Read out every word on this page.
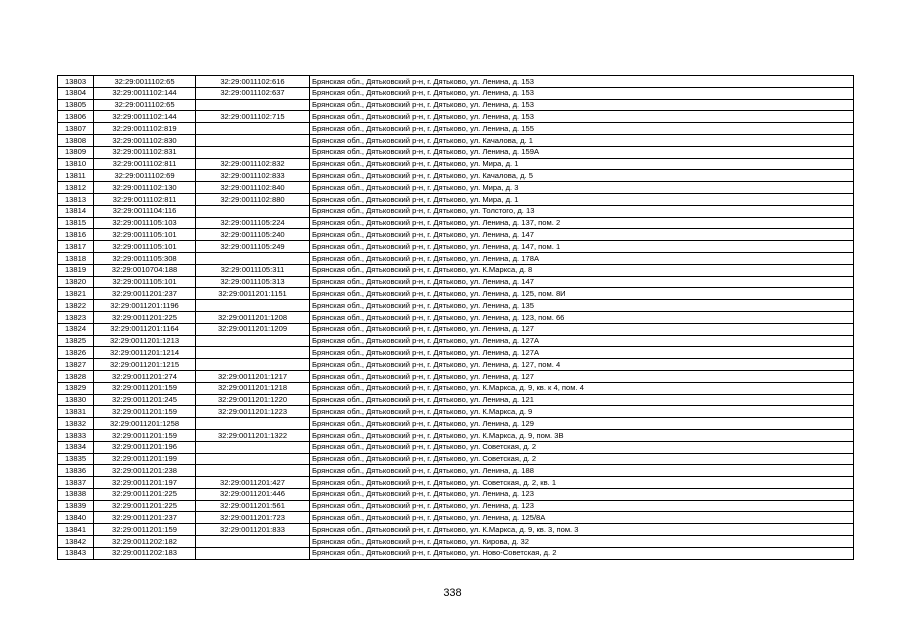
13803	32:29:0011102:65	32:29:0011102:616	Брянская обл., Дятьковский р-н, г. Дятьково, ул. Ленина, д. 153
13804	32:29:0011102:144	32:29:0011102:637	Брянская обл., Дятьковский р-н, г. Дятьково, ул. Ленина, д. 153
13805	32:29:0011102:65		Брянская обл., Дятьковский р-н, г. Дятьково, ул. Ленина, д. 153
13806	32:29:0011102:144	32:29:0011102:715	Брянская обл., Дятьковский р-н, г. Дятьково, ул. Ленина, д. 153
13807	32:29:0011102:819		Брянская обл., Дятьковский р-н, г. Дятьково, ул. Ленина, д. 155
13808	32:29:0011102:830		Брянская обл., Дятьковский р-н, г. Дятьково, ул. Качалова, д. 1
13809	32:29:0011102:831		Брянская обл., Дятьковский р-н, г. Дятьково, ул. Ленина, д. 159А
13810	32:29:0011102:811	32:29:0011102:832	Брянская обл., Дятьковский р-н, г. Дятьково, ул. Мира, д. 1
13811	32:29:0011102:69	32:29:0011102:833	Брянская обл., Дятьковский р-н, г. Дятьково, ул. Качалова, д. 5
13812	32:29:0011102:130	32:29:0011102:840	Брянская обл., Дятьковский р-н, г. Дятьково, ул. Мира, д. 3
13813	32:29:0011102:811	32:29:0011102:880	Брянская обл., Дятьковский р-н, г. Дятьково, ул. Мира, д. 1
13814	32:29:0011104:116		Брянская обл., Дятьковский р-н, г. Дятьково, ул. Толстого, д. 13
13815	32:29:0011105:103	32:29:0011105:224	Брянская обл., Дятьковский р-н, г. Дятьково, ул. Ленина, д. 137, пом. 2
13816	32:29:0011105:101	32:29:0011105:240	Брянская обл., Дятьковский р-н, г. Дятьково, ул. Ленина, д. 147
13817	32:29:0011105:101	32:29:0011105:249	Брянская обл., Дятьковский р-н, г. Дятьково, ул. Ленина, д. 147, пом. 1
13818	32:29:0011105:308		Брянская обл., Дятьковский р-н, г. Дятьково, ул. Ленина, д. 178А
13819	32:29:0010704:188	32:29:0011105:311	Брянская обл., Дятьковский р-н, г. Дятьково, ул. К.Маркса, д. 8
13820	32:29:0011105:101	32:29:0011105:313	Брянская обл., Дятьковский р-н, г. Дятьково, ул. Ленина, д. 147
13821	32:29:0011201:237	32:29:0011201:1151	Брянская обл., Дятьковский р-н, г. Дятьково, ул. Ленина, д. 125, пом. 8И
13822	32:29:0011201:1196		Брянская обл., Дятьковский р-н, г. Дятьково, ул. Ленина, д. 135
13823	32:29:0011201:225	32:29:0011201:1208	Брянская обл., Дятьковский р-н, г. Дятьково, ул. Ленина, д. 123, пом. 66
13824	32:29:0011201:1164	32:29:0011201:1209	Брянская обл., Дятьковский р-н, г. Дятьково, ул. Ленина, д. 127
13825	32:29:0011201:1213		Брянская обл., Дятьковский р-н, г. Дятьково, ул. Ленина, д. 127А
13826	32:29:0011201:1214		Брянская обл., Дятьковский р-н, г. Дятьково, ул. Ленина, д. 127А
13827	32:29:0011201:1215		Брянская обл., Дятьковский р-н, г. Дятьково, ул. Ленина, д. 127, пом. 4
13828	32:29:0011201:274	32:29:0011201:1217	Брянская обл., Дятьковский р-н, г. Дятьково, ул. Ленина, д. 127
13829	32:29:0011201:159	32:29:0011201:1218	Брянская обл., Дятьковский р-н, г. Дятьково, ул. К.Маркса, д. 9, кв. к 4, пом. 4
13830	32:29:0011201:245	32:29:0011201:1220	Брянская обл., Дятьковский р-н, г. Дятьково, ул. Ленина, д. 121
13831	32:29:0011201:159	32:29:0011201:1223	Брянская обл., Дятьковский р-н, г. Дятьково, ул. К.Маркса, д. 9
13832	32:29:0011201:1258		Брянская обл., Дятьковский р-н, г. Дятьково, ул. Ленина, д. 129
13833	32:29:0011201:159	32:29:0011201:1322	Брянская обл., Дятьковский р-н, г. Дятьково, ул. К.Маркса, д. 9, пом. 3В
13834	32:29:0011201:196		Брянская обл., Дятьковский р-н, г. Дятьково, ул. Советская, д. 2
13835	32:29:0011201:199		Брянская обл., Дятьковский р-н, г. Дятьково, ул. Советская, д. 2
13836	32:29:0011201:238		Брянская обл., Дятьковский р-н, г. Дятьково, ул. Ленина, д. 188
13837	32:29:0011201:197	32:29:0011201:427	Брянская обл., Дятьковский р-н, г. Дятьково, ул. Советская, д. 2, кв. 1
13838	32:29:0011201:225	32:29:0011201:446	Брянская обл., Дятьковский р-н, г. Дятьково, ул. Ленина, д. 123
13839	32:29:0011201:225	32:29:0011201:561	Брянская обл., Дятьковский р-н, г. Дятьково, ул. Ленина, д. 123
13840	32:29:0011201:237	32:29:0011201:723	Брянская обл., Дятьковский р-н, г. Дятьково, ул. Ленина, д. 125/8А
13841	32:29:0011201:159	32:29:0011201:833	Брянская обл., Дятьковский р-н, г. Дятьково, ул. К.Маркса, д. 9, кв. 3, пом. 3
13842	32:29:0011202:182		Брянская обл., Дятьковский р-н, г. Дятьково, ул. Кирова, д. 32
13843	32:29:0011202:183		Брянская обл., Дятьковский р-н, г. Дятьково, ул. Ново-Советская, д. 2
338
